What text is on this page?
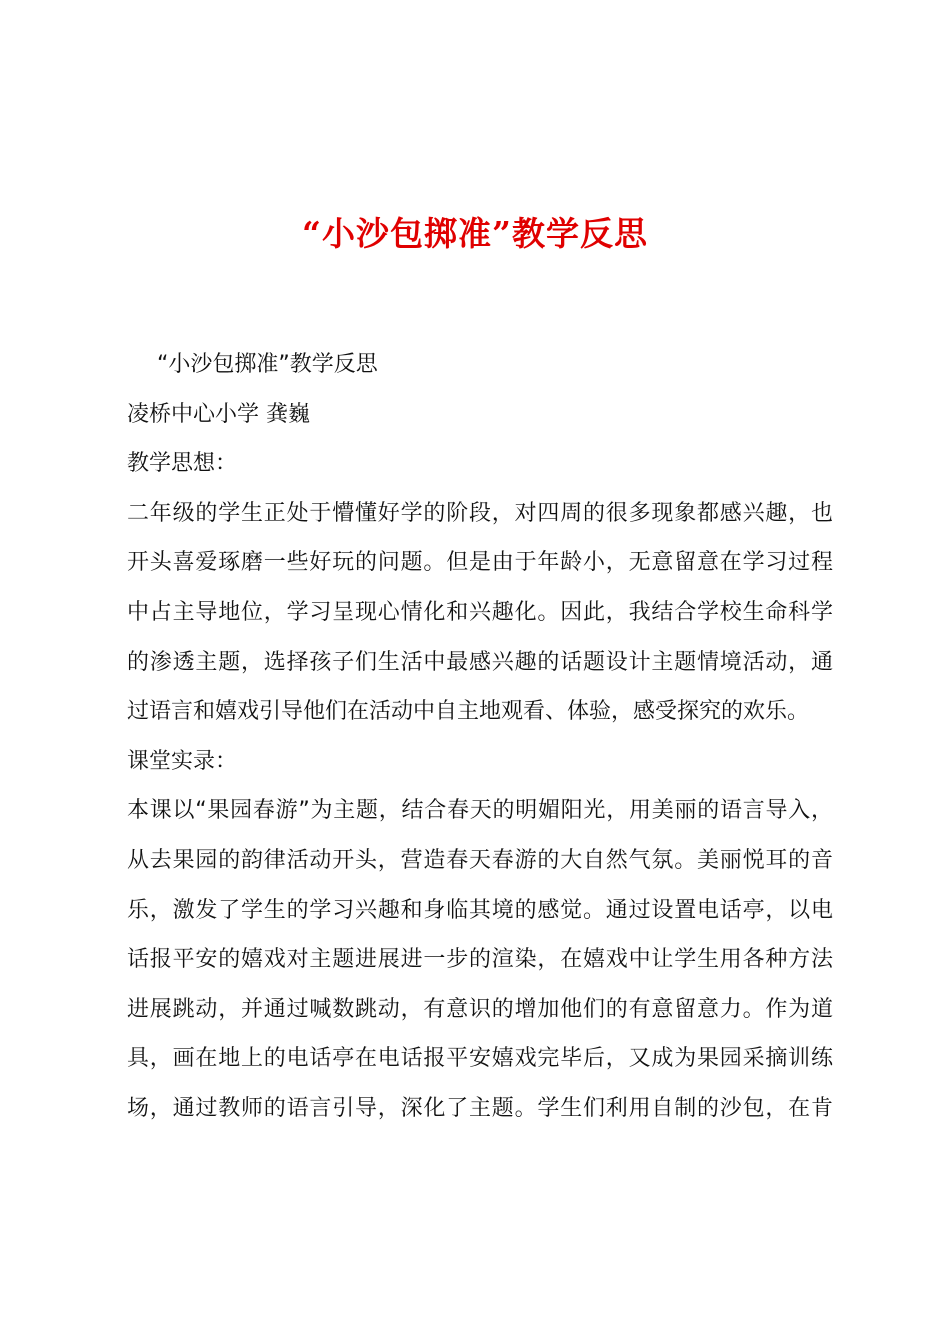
“小沙包掷准”教学反思

“小沙包掷准”教学反思

凌桥中心小学 龚巍

教学思想：

二年级的学生正处于懵懂好学的阶段，对四周的很多现象都感兴趣，也

开头喜爱琢磨一些好玩的问题。但是由于年龄小，无意留意在学习过程

中占主导地位，学习呈现心情化和兴趣化。因此，我结合学校生命科学

的渗透主题，选择孩子们生活中最感兴趣的话题设计主题情境活动，通

过语言和嬉戏引导他们在活动中自主地观看、体验，感受探究的欢乐。

课堂实录：

本课以“果园春游”为主题，结合春天的明媚阳光，用美丽的语言导入，

从去果园的韵律活动开头，营造春天春游的大自然气氛。美丽悦耳的音

乐，激发了学生的学习兴趣和身临其境的感觉。通过设置电话亭，以电

话报平安的嬉戏对主题进展进一步的渲染，在嬉戏中让学生用各种方法

进展跳动，并通过喊数跳动，有意识的增加他们的有意留意力。作为道

具，画在地上的电话亭在电话报平安嬉戏完毕后，又成为果园采摘训练

场，通过教师的语言引导，深化了主题。学生们利用自制的沙包，在肯
